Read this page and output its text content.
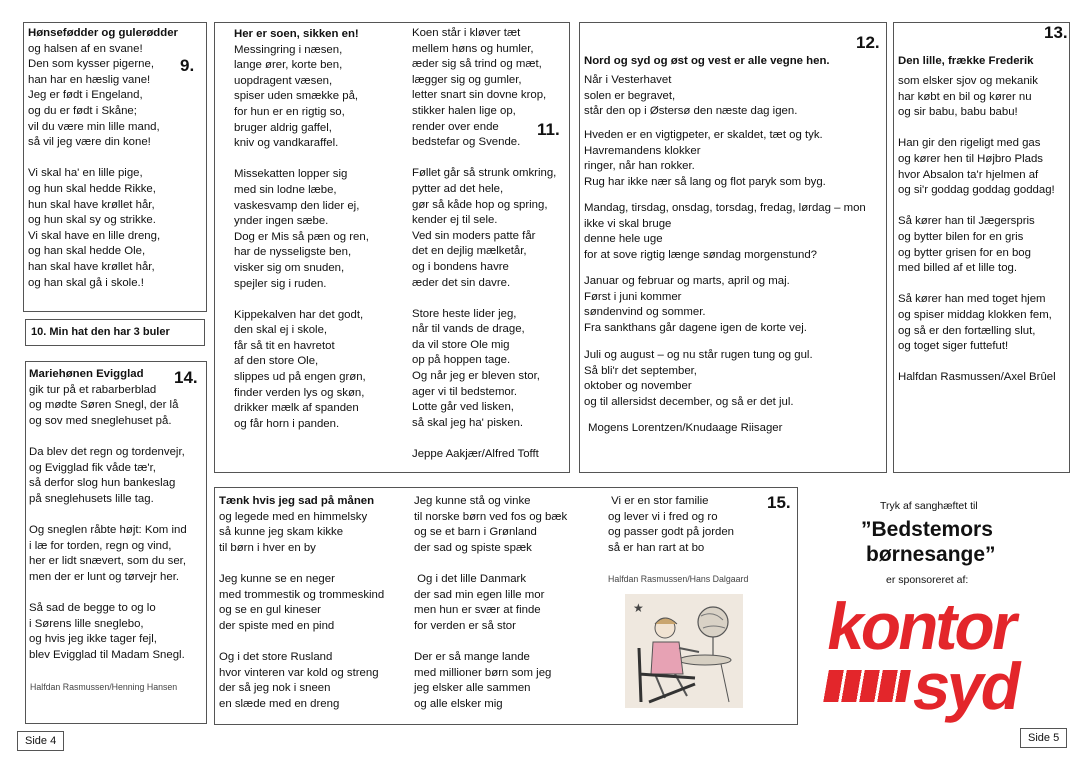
Hønsefødder og gulerødder
og halsen af en svane!
Den som kysser pigerne,
han har en hæslig vane!
Jeg er født i Engeland,
og du er født i Skåne;
vil du være min lille mand,
så vil jeg være din kone!
Vi skal ha' en lille pige,
og hun skal hedde Rikke,
hun skal have krøllet hår,
og hun skal sy og strikke.
Vi skal have en lille dreng,
og han skal hedde Ole,
han skal have krøllet hår,
og han skal gå i skole.!
9.
10. Min hat den har 3 buler
Mariehønen Evigglad
gik tur på et rabarberblad
og mødte Søren Snegl, der lå
og sov med sneglehuset på.
Da blev det regn og tordenvejr,
og Evigglad fik våde tæ'r,
så derfor slog hun bankeslag
på sneglehusets lille tag.
Og sneglen råbte højt: Kom ind
i læ for torden, regn og vind,
her er lidt snævert, som du ser,
men der er lunt og tørvejr her.
Så sad de begge to og lo
i Sørens lille sneglebo,
og hvis jeg ikke tager fejl,
blev Evigglad til Madam Snegl.
14.
Halfdan Rasmussen/Henning Hansen
Her er soen, sikken en!
Messingring i næsen,
lange ører, korte ben,
uopdragent væsen,
spiser uden smække på,
for hun er en rigtig so,
bruger aldrig gaffel,
kniv og vandkaraffel.
Missekatten lopper sig
med sin lodne læbe,
vaskesvamp den lider ej,
ynder ingen sæbe.
Dog er Mis så pæn og ren,
har de nysseligste ben,
visker sig om snuden,
spejler sig i ruden.
Kippekalven har det godt,
den skal ej i skole,
får så tit en havretot
af den store Ole,
slippes ud på engen grøn,
finder verden lys og skøn,
drikker mælk af spanden
og får horn i panden.
Koen står i kløver tæt
mellem høns og humler,
æder sig så trind og mæt,
lægger sig og gumler,
letter snart sin dovne krop,
stikker halen lige op,
render over ende
bedstefar og Svende.
Føllet går så strunk omkring,
pytter ad det hele,
gør så kåde hop og spring,
kender ej til sele.
Ved sin moders patte får
det en dejlig mælketår,
og i bondens havre
æder det sin davre.
Store heste lider jeg,
når til vands de drage,
da vil store Ole mig
op på hoppen tage.
Og når jeg er bleven stor,
ager vi til bedstemor.
Lotte går ved lisken,
så skal jeg ha' pisken.
Jeppe Aakjær/Alfred Tofft
11.
12.
Nord og syd og øst og vest er alle vegne hen.
Når i Vesterhavet
solen er begravet,
står den op i Østersø den næste dag igen.
Hveden er en vigtigpeter, er skaldet, tæt og tyk.
Havremandens klokker
ringer, når han rokker.
Rug har ikke nær så lang og flot paryk som byg.
Mandag, tirsdag, onsdag, torsdag, fredag, lørdag – mon
ikke vi skal bruge
denne hele uge
for at sove rigtig længe søndag morgenstund?
Januar og februar og marts, april og maj.
Først i juni kommer
søndenvind og sommer.
Fra sankthans går dagene igen de korte vej.
Juli og august – og nu står rugen tung og gul.
Så bli'r det september,
oktober og november
og til allersidst december, og så er det jul.
Mogens Lorentzen/Knudaage Riisager
13.
Den lille, frække Frederik
som elsker sjov og mekanik
har købt en bil og kører nu
og sir babu, babu babu!
Han gir den rigeligt med gas
og kører hen til Højbro Plads
hvor Absalon ta'r hjelmen af
og si'r goddag goddag goddag!
Så kører han til Jægerspris
og bytter bilen for en gris
og bytter grisen for en bog
med billed af et lille tog.
Så kører han med toget hjem
og spiser middag klokken fem,
og så er den fortælling slut,
og toget siger futtefut!
Halfdan Rasmussen/Axel Brûel
15.
Tænk hvis jeg sad på månen
og legede med en himmelsky
så kunne jeg skam kikke
til børn i hver en by
Jeg kunne se en neger
med trommestik og trommeskind
og se en gul kineser
der spiste med en pind
Og i det store Rusland
hvor vinteren var kold og streng
der så jeg nok i sneen
en slæde med en dreng
Jeg kunne stå og vinke
til norske børn ved fos og bæk
og se et barn i Grønland
der sad og spiste spæk
Og i det lille Danmark
der sad min egen lille mor
men hun er svær at finde
for verden er så stor
Der er så mange lande
med millioner børn som jeg
jeg elsker alle sammen
og alle elsker mig
Vi er en stor familie
og lever vi i fred og ro
og passer godt på jorden
så er han rart at bo
Halfdan Rasmussen/Hans Dalgaard
★
Tryk af sanghæftet til
”Bedstemors
børnesange”
er sponsoreret af:
kontor
syd
Side 4	Side 5
